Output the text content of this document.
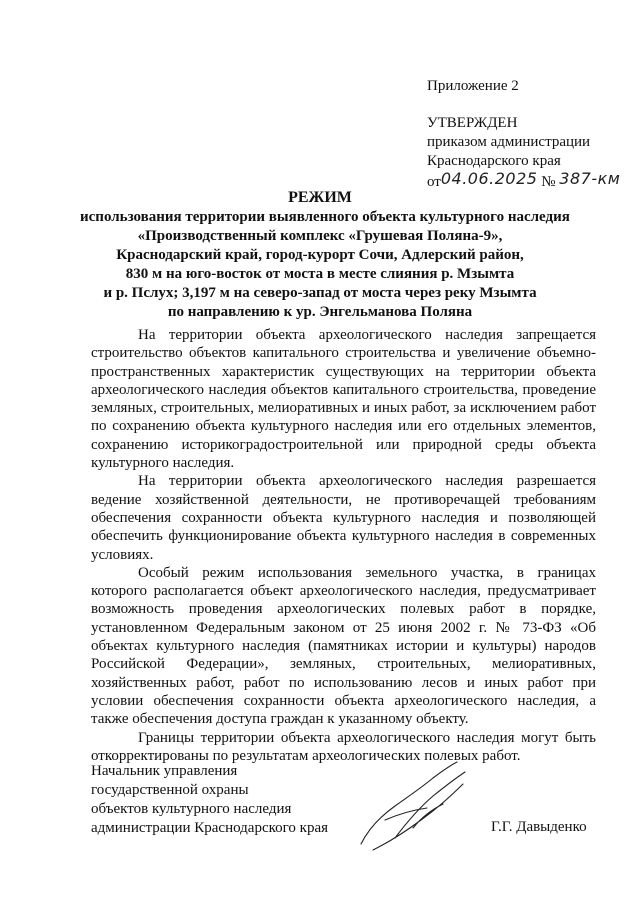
Приложение 2
УТВЕРЖДЕН
приказом администрации
Краснодарского края
от04.06.2025 № 387-км
РЕЖИМ
использования территории выявленного объекта культурного наследия
«Производственный комплекс «Грушевая Поляна-9»,
Краснодарский край, город-курорт Сочи, Адлерский район,
830 м на юго-восток от моста в месте слияния р. Мзымта
и р. Пслух; 3,197 м на северо-запад от моста через реку Мзымта
по направлению к ур. Энгельманова Поляна

На территории объекта археологического наследия запрещается строительство объектов капитального строительства и увеличение объемно-пространственных характеристик существующих на территории объекта археологического наследия объектов капитального строительства, проведение земляных, строительных, мелиоративных и иных работ, за исключением работ по сохранению объекта культурного наследия или его отдельных элементов, сохранению историкоградостроительной или природной среды объекта культурного наследия.

На территории объекта археологического наследия разрешается ведение хозяйственной деятельности, не противоречащей требованиям обеспечения сохранности объекта культурного наследия и позволяющей обеспечить функционирование объекта культурного наследия в современных условиях.

Особый режим использования земельного участка, в границах которого располагается объект археологического наследия, предусматривает возможность проведения археологических полевых работ в порядке, установленном Федеральным законом от 25 июня 2002 г. № 73-ФЗ «Об объектах культурного наследия (памятниках истории и культуры) народов Российской Федерации», земляных, строительных, мелиоративных, хозяйственных работ, работ по использованию лесов и иных работ при условии обеспечения сохранности объекта археологического наследия, а также обеспечения доступа граждан к указанному объекту.

Границы территории объекта археологического наследия могут быть откорректированы по результатам археологических полевых работ.

Начальник управления
государственной охраны
объектов культурного наследия
администрации Краснодарского края	Г.Г. Давыденко
